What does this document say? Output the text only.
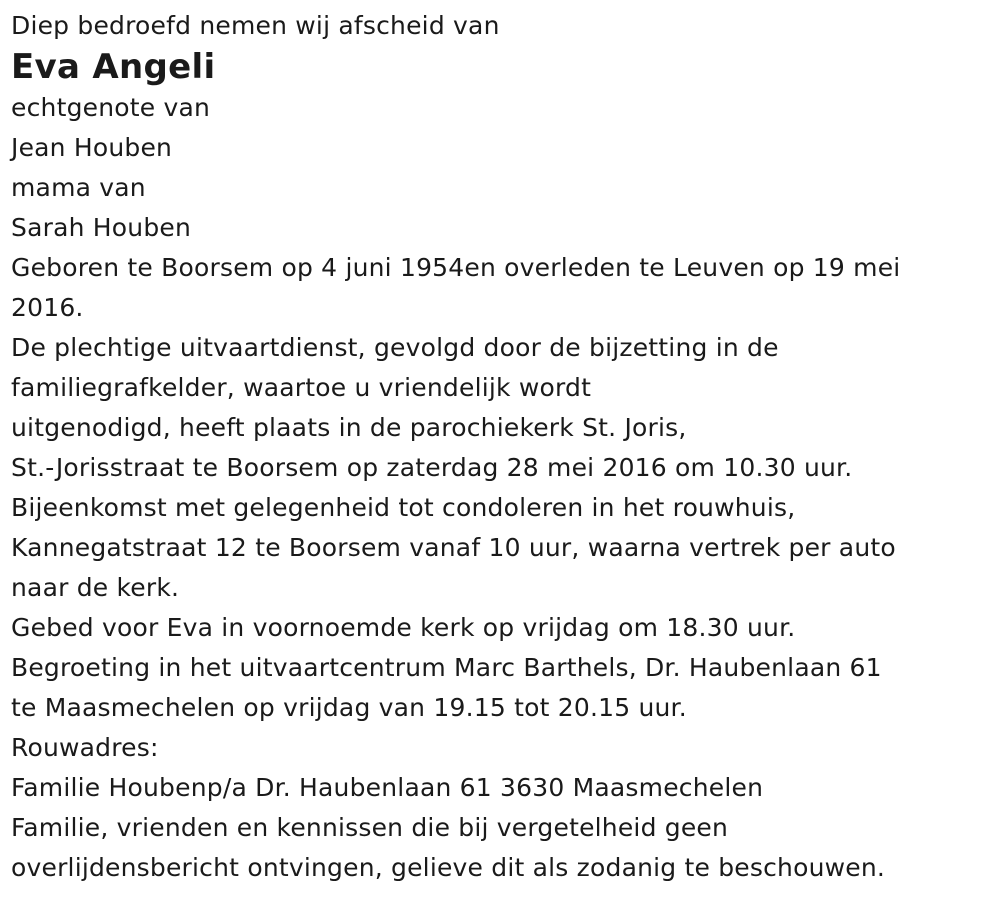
Diep bedroefd nemen wij afscheid van
Eva Angeli
echtgenote van
Jean Houben
mama van
Sarah Houben
Geboren te Boorsem op 4 juni 1954en overleden te Leuven op 19 mei
2016.
De plechtige uitvaartdienst, gevolgd door de bijzetting in de
familiegrafkelder, waartoe u vriendelijk wordt
uitgenodigd, heeft plaats in de parochiekerk St. Joris,
St.-Jorisstraat te Boorsem op zaterdag 28 mei 2016 om 10.30 uur.
Bijeenkomst met gelegenheid tot condoleren in het rouwhuis,
Kannegatstraat 12 te Boorsem vanaf 10 uur, waarna vertrek per auto
naar de kerk.
Gebed voor Eva in voornoemde kerk op vrijdag om 18.30 uur.
Begroeting in het uitvaartcentrum Marc Barthels, Dr. Haubenlaan 61
te Maasmechelen op vrijdag van 19.15 tot 20.15 uur.
Rouwadres:
Familie Houbenp/a Dr. Haubenlaan 61 3630 Maasmechelen
Familie, vrienden en kennissen die bij vergetelheid geen
overlijdensbericht ontvingen, gelieve dit als zodanig te beschouwen.
